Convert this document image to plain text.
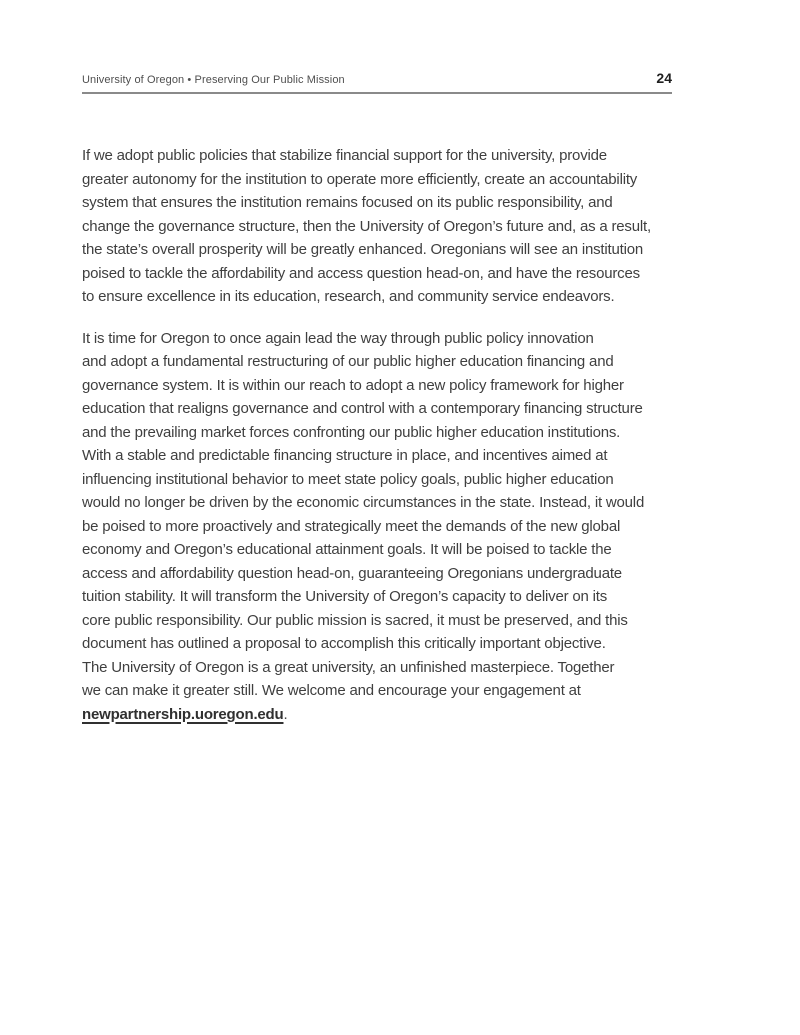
University of Oregon • Preserving Our Public Mission	24
If we adopt public policies that stabilize financial support for the university, provide
greater autonomy for the institution to operate more efficiently, create an accountability
system that ensures the institution remains focused on its public responsibility, and
change the governance structure, then the University of Oregon’s future and, as a result,
the state’s overall prosperity will be greatly enhanced. Oregonians will see an institution
poised to tackle the affordability and access question head-on, and have the resources
to ensure excellence in its education, research, and community service endeavors.
It is time for Oregon to once again lead the way through public policy innovation
and adopt a fundamental restructuring of our public higher education financing and
governance system. It is within our reach to adopt a new policy framework for higher
education that realigns governance and control with a contemporary financing structure
and the prevailing market forces confronting our public higher education institutions.
With a stable and predictable financing structure in place, and incentives aimed at
influencing institutional behavior to meet state policy goals, public higher education
would no longer be driven by the economic circumstances in the state. Instead, it would
be poised to more proactively and strategically meet the demands of the new global
economy and Oregon’s educational attainment goals. It will be poised to tackle the
access and affordability question head-on, guaranteeing Oregonians undergraduate
tuition stability. It will transform the University of Oregon’s capacity to deliver on its
core public responsibility. Our public mission is sacred, it must be preserved, and this
document has outlined a proposal to accomplish this critically important objective.
The University of Oregon is a great university, an unfinished masterpiece. Together
we can make it greater still. We welcome and encourage your engagement at
newpartnership.uoregon.edu.
